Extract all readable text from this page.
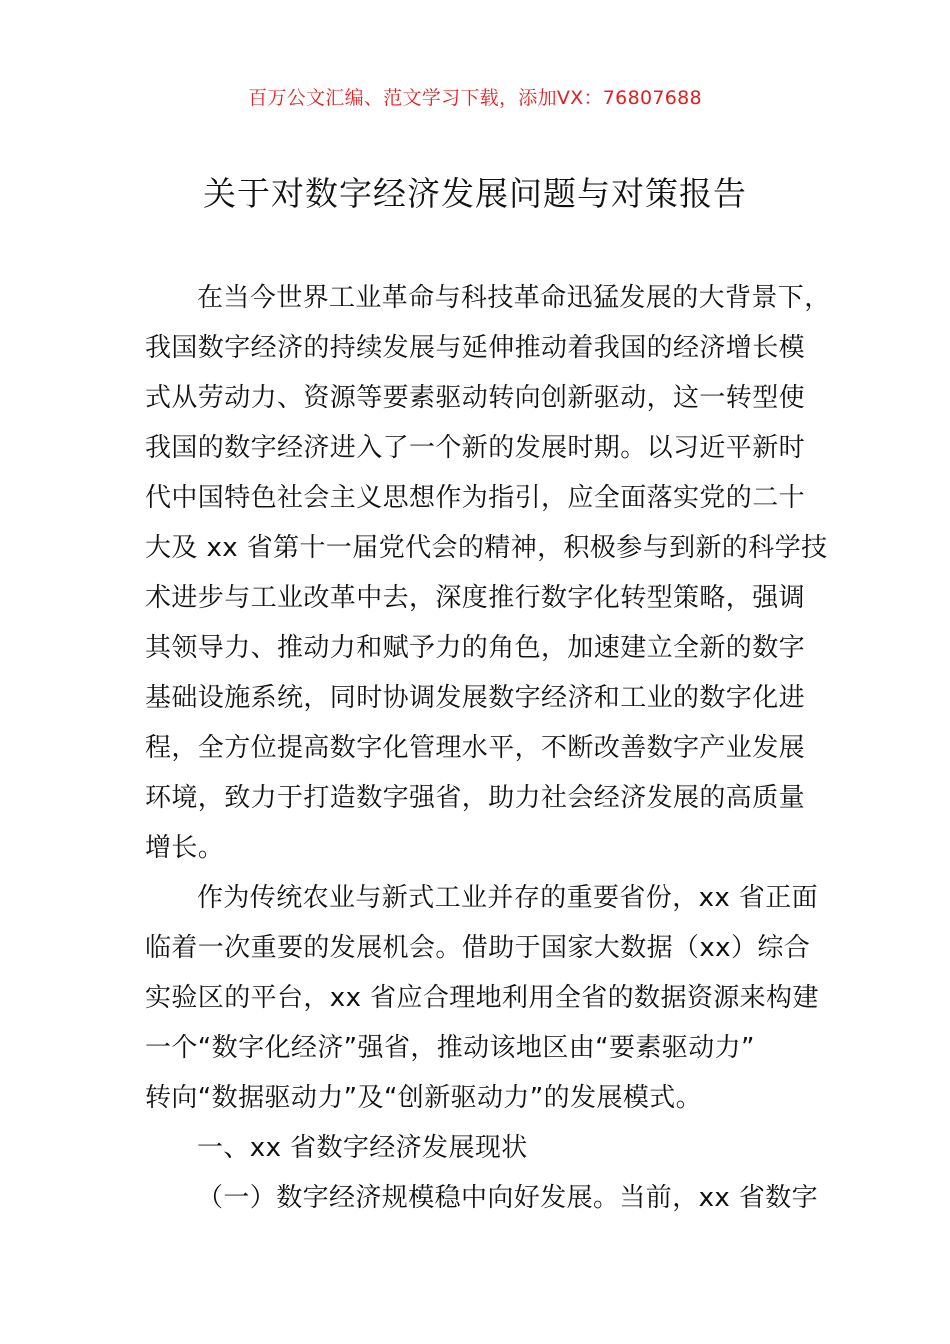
百万公文汇编、范文学习下载，添加VX：76807688
关于对数字经济发展问题与对策报告
在当今世界工业革命与科技革命迅猛发展的大背景下，
我国数字经济的持续发展与延伸推动着我国的经济增长模
式从劳动力、资源等要素驱动转向创新驱动，这一转型使
我国的数字经济进入了一个新的发展时期。以习近平新时
代中国特色社会主义思想作为指引，应全面落实党的二十
大及 xx 省第十一届党代会的精神，积极参与到新的科学技
术进步与工业改革中去，深度推行数字化转型策略，强调
其领导力、推动力和赋予力的角色，加速建立全新的数字
基础设施系统，同时协调发展数字经济和工业的数字化进
程，全方位提高数字化管理水平，不断改善数字产业发展
环境，致力于打造数字强省，助力社会经济发展的高质量
增长。
作为传统农业与新式工业并存的重要省份，xx 省正面
临着一次重要的发展机会。借助于国家大数据（xx）综合
实验区的平台，xx 省应合理地利用全省的数据资源来构建
一个“数字化经济”强省，推动该地区由“要素驱动力”
转向“数据驱动力”及“创新驱动力”的发展模式。
一、xx 省数字经济发展现状
（一）数字经济规模稳中向好发展。当前，xx 省数字
